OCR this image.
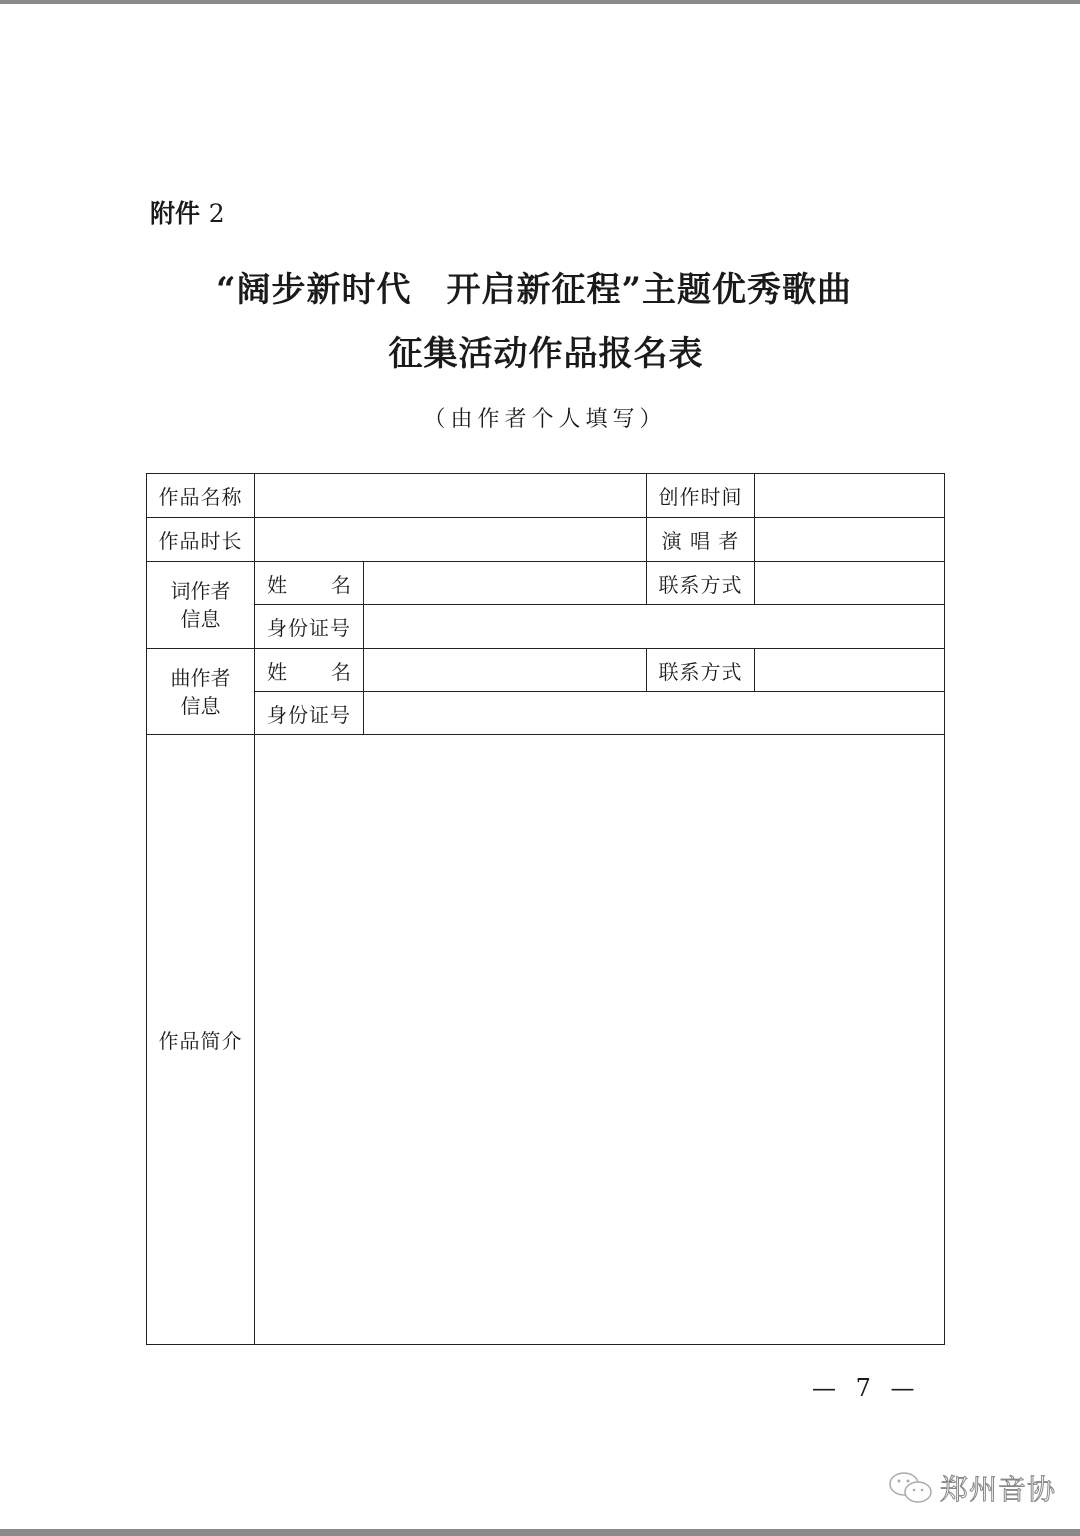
附件 2
“阔步新时代　开启新征程”主题优秀歌曲
征集活动作品报名表
（由作者个人填写）
作品名称			创作时间	
作品时长			演 唱 者	
词作者信息	姓名		联系方式	
	身份证号			
曲作者信息	姓名		联系方式	
	身份证号			
作品简介				
— 7 —
郑州音协
